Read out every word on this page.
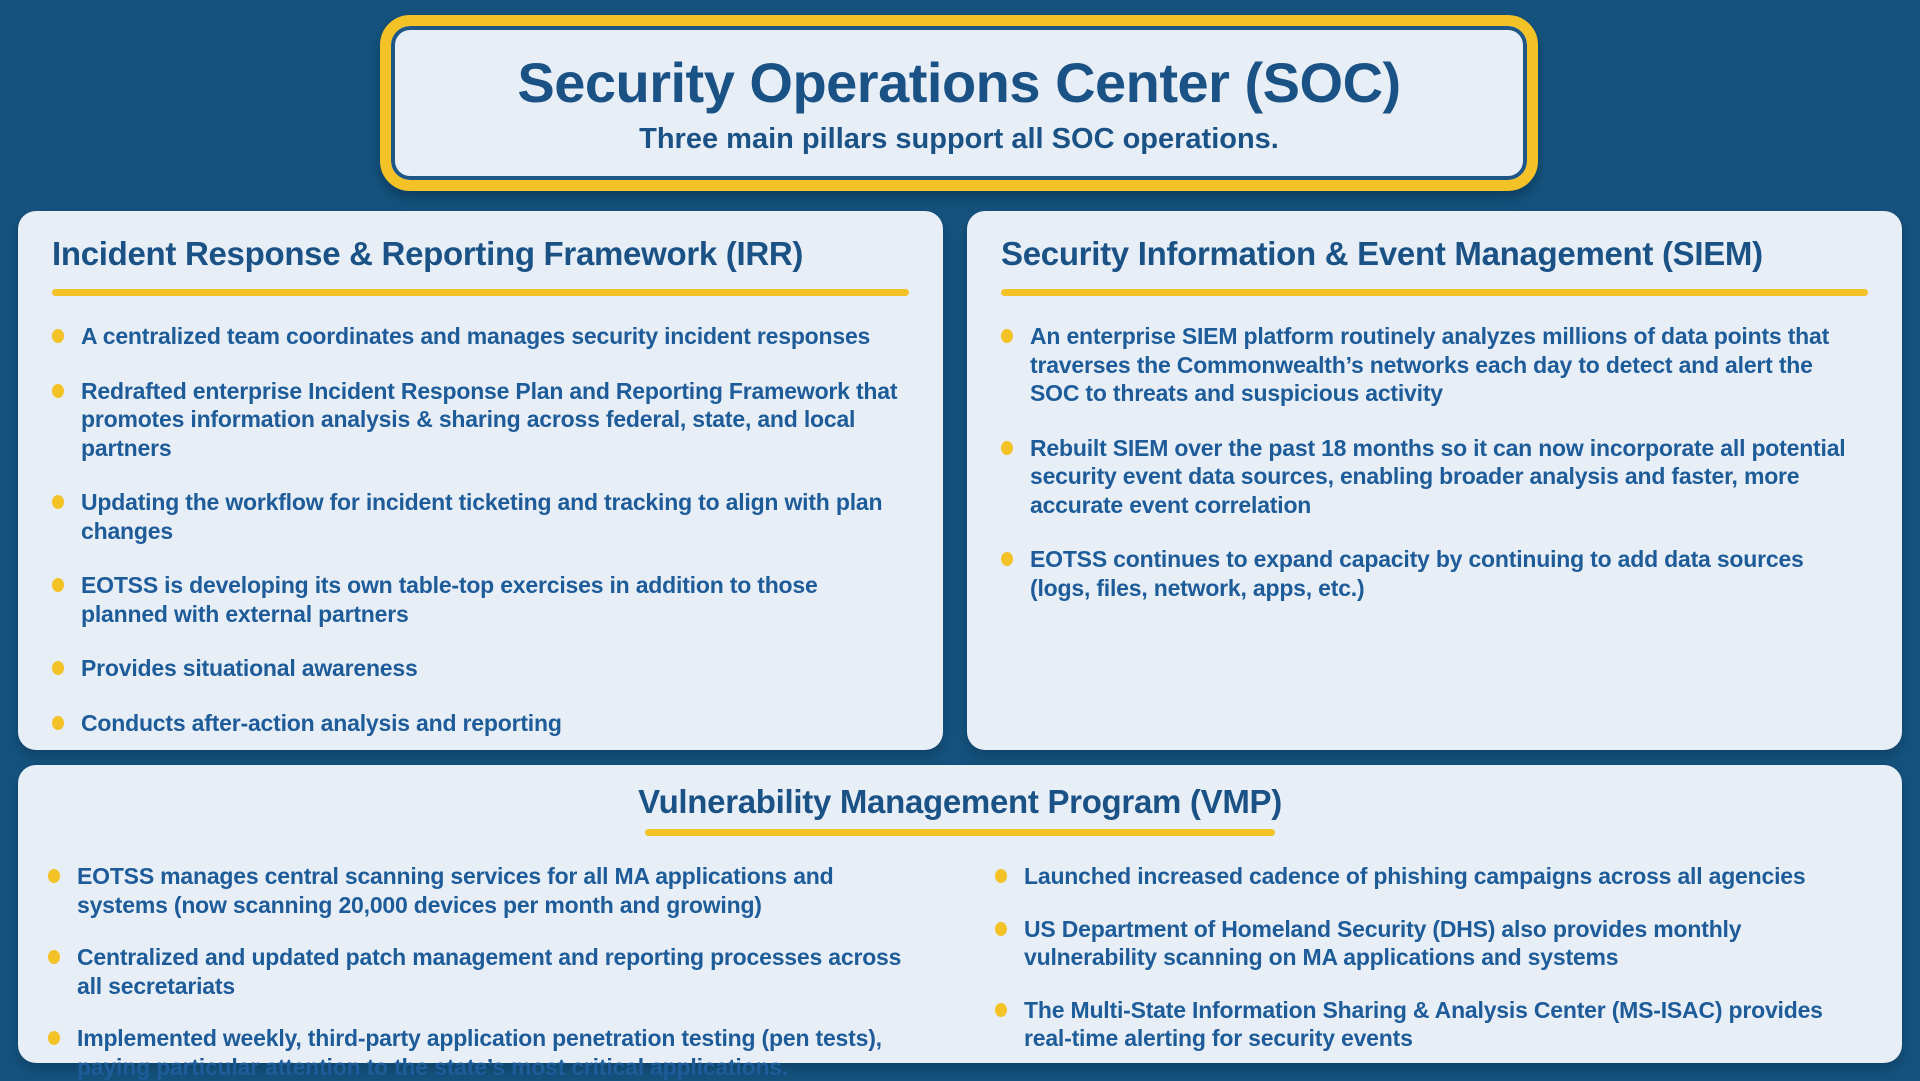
Security Operations Center (SOC)

Three main pillars support all SOC operations.

Incident Response & Reporting Framework (IRR)
A centralized team coordinates and manages security incident responses
Redrafted enterprise Incident Response Plan and Reporting Framework that promotes information analysis & sharing across federal, state, and local partners
Updating the workflow for incident ticketing and tracking to align with plan changes
EOTSS is developing its own table-top exercises in addition to those planned with external partners
Provides situational awareness
Conducts after-action analysis and reporting
Security Information & Event Management (SIEM)
An enterprise SIEM platform routinely analyzes millions of data points that traverses the Commonwealth’s networks each day to detect and alert the SOC to threats and suspicious activity
Rebuilt SIEM over the past 18 months so it can now incorporate all potential security event data sources, enabling broader analysis and faster, more accurate event correlation
EOTSS continues to expand capacity by continuing to add data sources (logs, files, network, apps, etc.)
Vulnerability Management Program (VMP)
EOTSS manages central scanning services for all MA applications and systems (now scanning 20,000 devices per month and growing)
Centralized and updated patch management and reporting processes across all secretariats
Implemented weekly, third-party application penetration testing (pen tests), paying particular attention to the state’s most critical applications.
Launched increased cadence of phishing campaigns across all agencies
US Department of Homeland Security (DHS) also provides monthly vulnerability scanning on MA applications and systems
The Multi-State Information Sharing & Analysis Center (MS-ISAC) provides real-time alerting for security events
